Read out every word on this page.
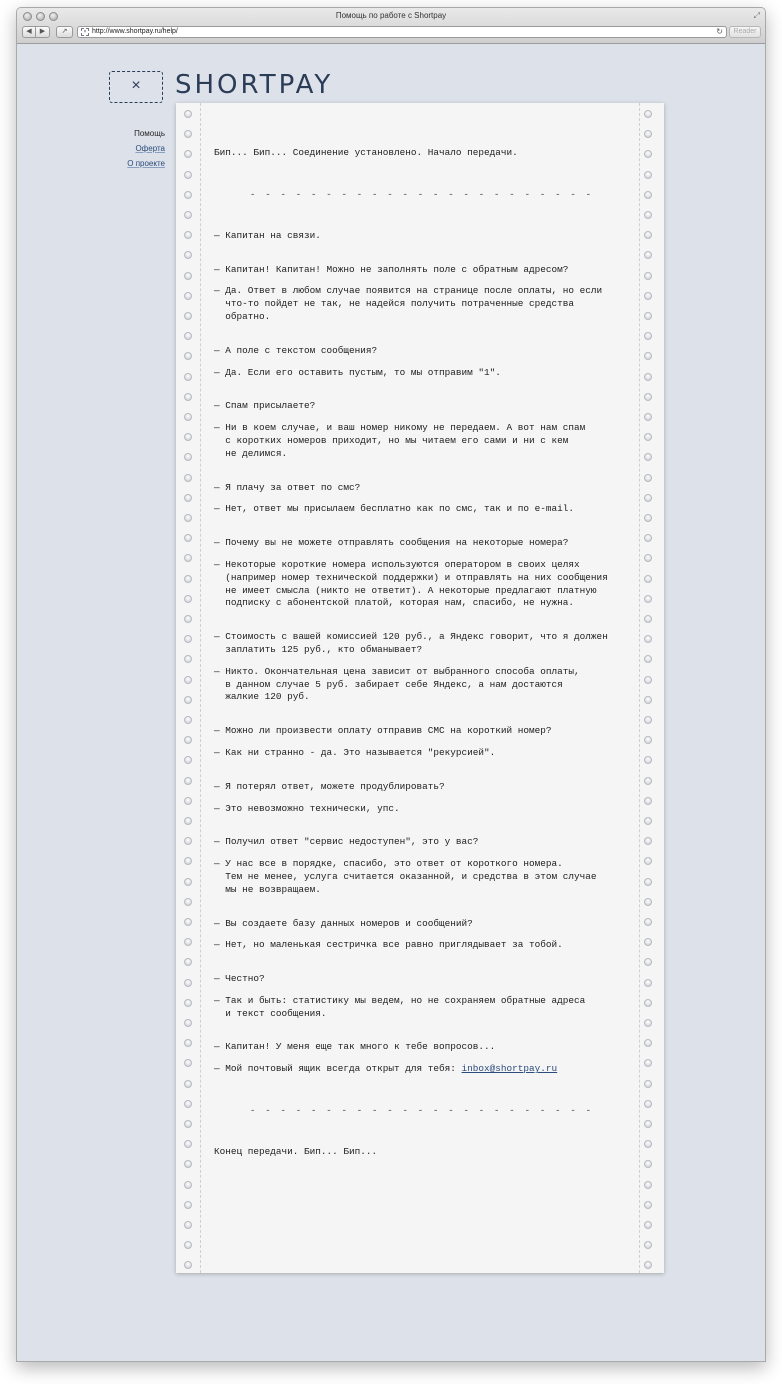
Помощь по работе с Shortpay	⤢
◀	▶	↗	× http://www.shortpay.ru/help/	↻	Reader
×	SHORTPAY
Помощь
Оферта
О проекте
Бип... Бип... Соединение установлено. Начало передачи.
- - - - - - - - - - - - - - - - - - - - - - -
— Капитан на связи.
— Капитан! Капитан! Можно не заполнять поле с обратным адресом?
— Да. Ответ в любом случае появится на странице после оплаты, но если
что-то пойдет не так, не надейся получить потраченные средства
обратно.
— А поле с текстом сообщения?
— Да. Если его оставить пустым, то мы отправим "1".
— Спам присылаете?
— Ни в коем случае, и ваш номер никому не передаем. А вот нам спам
с коротких номеров приходит, но мы читаем его сами и ни с кем
не делимся.
— Я плачу за ответ по смс?
— Нет, ответ мы присылаем бесплатно как по смс, так и по e-mail.
— Почему вы не можете отправлять сообщения на некоторые номера?
— Некоторые короткие номера используются оператором в своих целях
(например номер технической поддержки) и отправлять на них сообщения
не имеет смысла (никто не ответит). А некоторые предлагают платную
подписку с абонентской платой, которая нам, спасибо, не нужна.
— Стоимость с вашей комиссией 120 руб., а Яндекс говорит, что я должен
заплатить 125 руб., кто обманывает?
— Никто. Окончательная цена зависит от выбранного способа оплаты,
в данном случае 5 руб. забирает себе Яндекс, а нам достаются
жалкие 120 руб.
— Можно ли произвести оплату отправив СМС на короткий номер?
— Как ни странно - да. Это называется "рекурсией".
— Я потерял ответ, можете продублировать?
— Это невозможно технически, упс.
— Получил ответ "сервис недоступен", это у вас?
— У нас все в порядке, спасибо, это ответ от короткого номера.
Тем не менее, услуга считается оказанной, и средства в этом случае
мы не возвращаем.
— Вы создаете базу данных номеров и сообщений?
— Нет, но маленькая сестричка все равно приглядывает за тобой.
— Честно?
— Так и быть: статистику мы ведем, но не сохраняем обратные адреса
и текст сообщения.
— Капитан! У меня еще так много к тебе вопросов...
— Мой почтовый ящик всегда открыт для тебя: inbox@shortpay.ru
- - - - - - - - - - - - - - - - - - - - - - -
Конец передачи. Бип... Бип...
